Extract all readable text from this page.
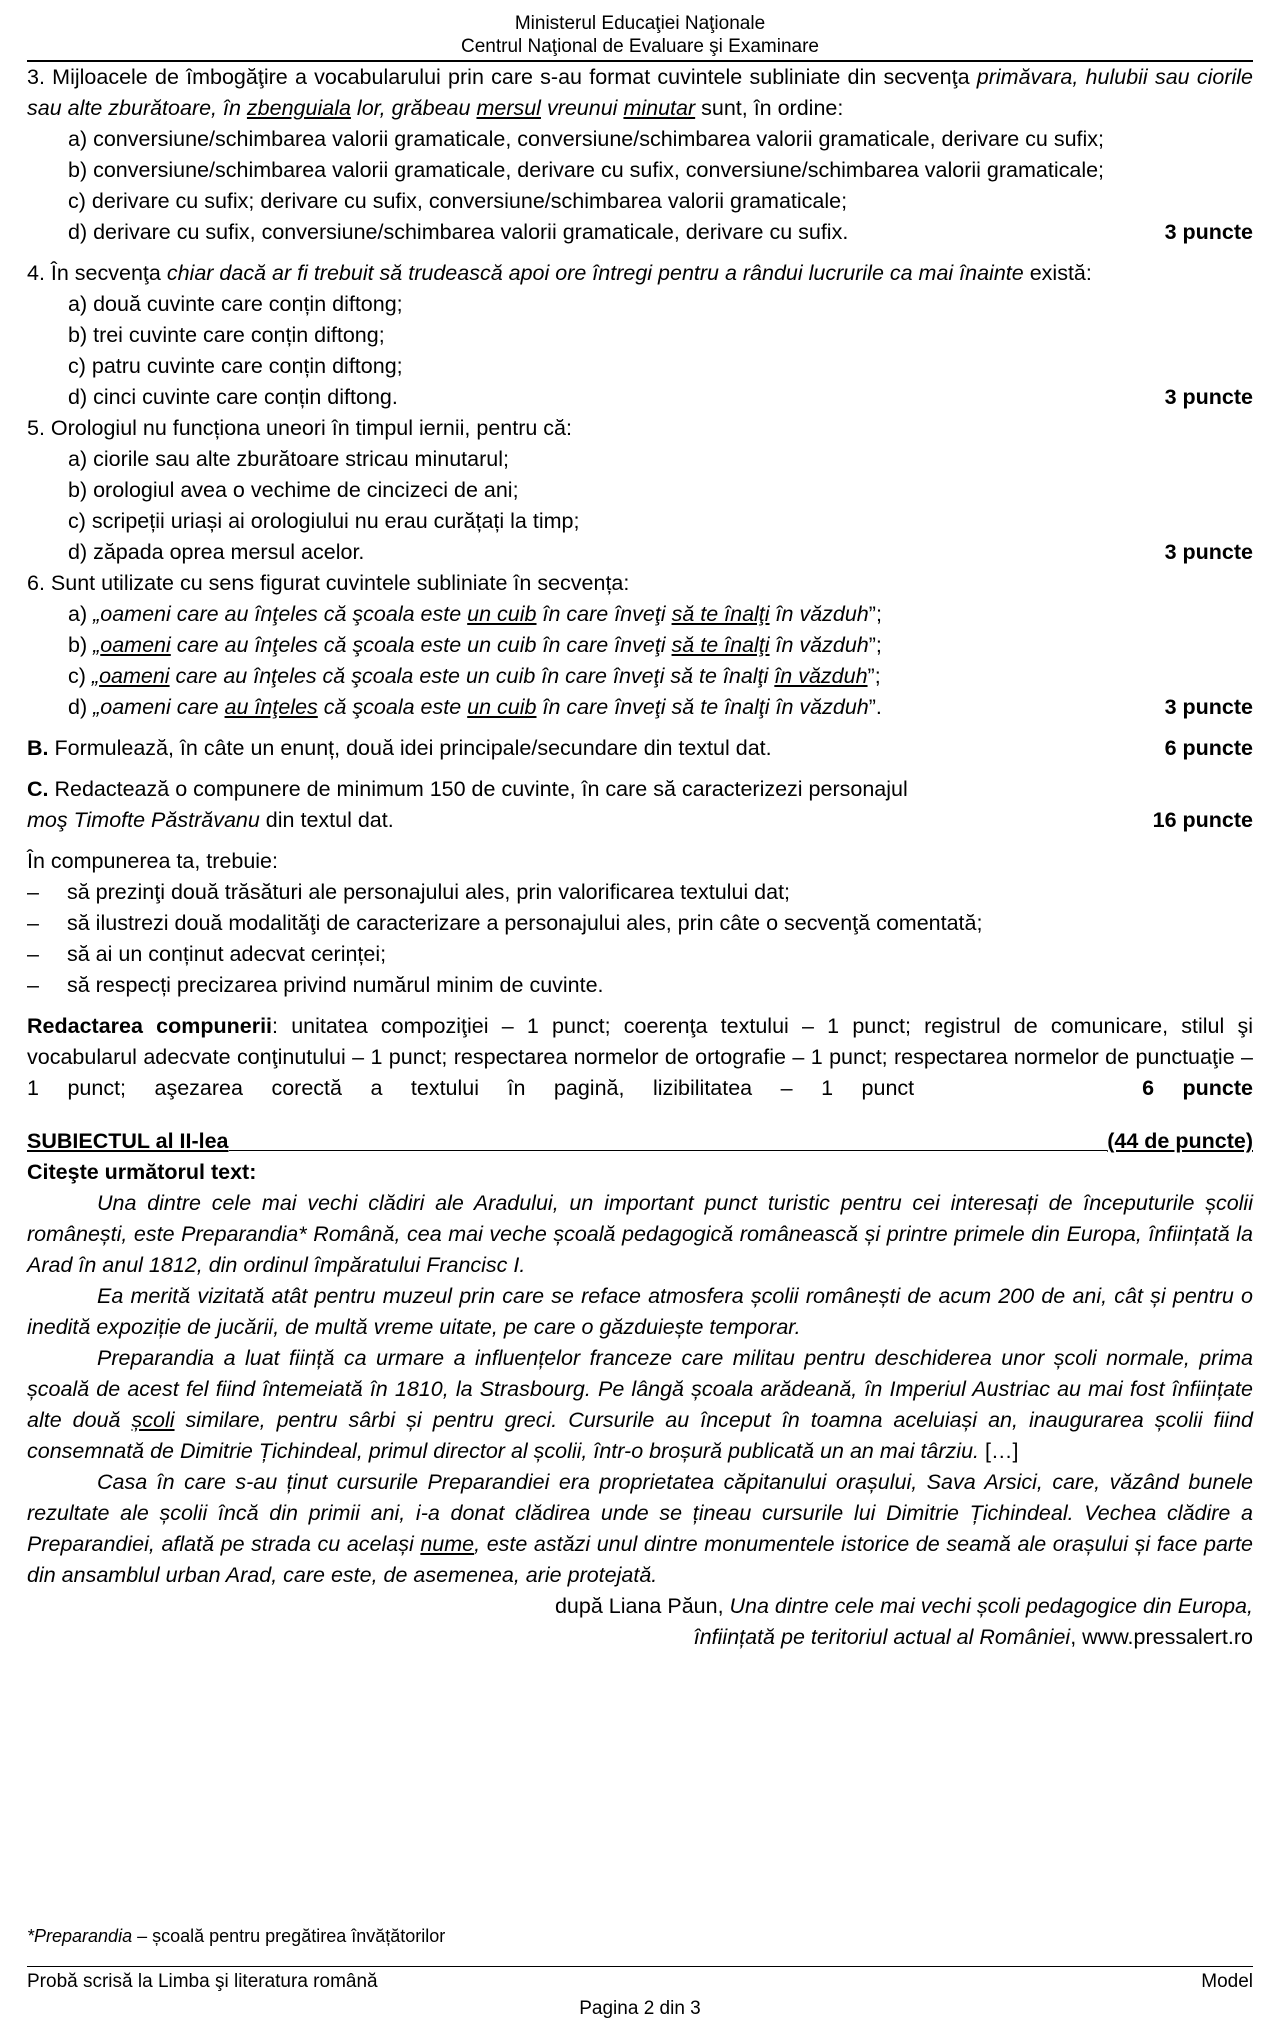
Ministerul Educaţiei Naţionale
Centrul Naţional de Evaluare şi Examinare

3. Mijloacele de îmbogăţire a vocabularului prin care s-au format cuvintele subliniate din secvenţa primăvara, hulubii sau ciorile sau alte zburătoare, în zbenguiala lor, grăbeau mersul vreunui minutar sunt, în ordine:

a) conversiune/schimbarea valorii gramaticale, conversiune/schimbarea valorii gramaticale, derivare cu sufix;

b) conversiune/schimbarea valorii gramaticale, derivare cu sufix, conversiune/schimbarea valorii gramaticale;

c) derivare cu sufix; derivare cu sufix, conversiune/schimbarea valorii gramaticale;

d) derivare cu sufix, conversiune/schimbarea valorii gramaticale, derivare cu sufix.	3 puncte

4. În secvenţa chiar dacă ar fi trebuit să trudească apoi ore întregi pentru a rândui lucrurile ca mai înainte există:

a) două cuvinte care conțin diftong;

b) trei cuvinte care conțin diftong;

c) patru cuvinte care conțin diftong;

d) cinci cuvinte care conțin diftong.	3 puncte

5. Orologiul nu funcționa uneori în timpul iernii, pentru că:

a) ciorile sau alte zburătoare stricau minutarul;

b) orologiul avea o vechime de cincizeci de ani;

c) scripeții uriași ai orologiului nu erau curățați la timp;

d) zăpada oprea mersul acelor.	3 puncte

6. Sunt utilizate cu sens figurat cuvintele subliniate în secvența:

a) „oameni care au înţeles că şcoala este un cuib în care înveţi să te înalţi în văzduh”;

b) „oameni care au înţeles că şcoala este un cuib în care înveţi să te înalţi în văzduh”;

c) „oameni care au înţeles că şcoala este un cuib în care înveţi să te înalţi în văzduh”;

d) „oameni care au înţeles că şcoala este un cuib în care înveţi să te înalţi în văzduh”.	3 puncte
B. Formulează, în câte un enunț, două idei principale/secundare din textul dat.	6 puncte

C. Redactează o compunere de minimum 150 de cuvinte, în care să caracterizezi personajul

moş Timofte Păstrăvanu din textul dat.	16 puncte

În compunerea ta, trebuie:

–	să prezinţi două trăsături ale personajului ales, prin valorificarea textului dat;
–	să ilustrezi două modalităţi de caracterizare a personajului ales, prin câte o secvenţă comentată;
–	să ai un conținut adecvat cerinței;
–	să respecți precizarea privind numărul minim de cuvinte.

Redactarea compunerii: unitatea compoziţiei – 1 punct; coerenţa textului – 1 punct; registrul de comunicare, stilul şi vocabularul adecvate conţinutului – 1 punct; respectarea normelor de ortografie – 1 punct; respectarea normelor de punctuaţie – 1 punct; aşezarea corectă a textului în pagină, lizibilitatea – 1 punct	6 puncte

SUBIECTUL al II-lea	(44 de puncte)

Citeşte următorul text:

Una dintre cele mai vechi clădiri ale Aradului, un important punct turistic pentru cei interesați de începuturile școlii românești, este Preparandia* Română, cea mai veche școală pedagogică românească și printre primele din Europa, înființată la Arad în anul 1812, din ordinul împăratului Francisc I.

Ea merită vizitată atât pentru muzeul prin care se reface atmosfera școlii românești de acum 200 de ani, cât și pentru o inedită expoziție de jucării, de multă vreme uitate, pe care o găzduiește temporar.

Preparandia a luat ființă ca urmare a influențelor franceze care militau pentru deschiderea unor școli normale, prima școală de acest fel fiind întemeiată în 1810, la Strasbourg. Pe lângă școala arădeană, în Imperiul Austriac au mai fost înființate alte două școli similare, pentru sârbi și pentru greci. Cursurile au început în toamna aceluiași an, inaugurarea școlii fiind consemnată de Dimitrie Țichindeal, primul director al școlii, într-o broșură publicată un an mai târziu. […]

Casa în care s-au ținut cursurile Preparandiei era proprietatea căpitanului orașului, Sava Arsici, care, văzând bunele rezultate ale școlii încă din primii ani, i-a donat clădirea unde se țineau cursurile lui Dimitrie Țichindeal. Vechea clădire a Preparandiei, aflată pe strada cu același nume, este astăzi unul dintre monumentele istorice de seamă ale orașului și face parte din ansamblul urban Arad, care este, de asemenea, arie protejată.

după Liana Păun, Una dintre cele mai vechi școli pedagogice din Europa,
înființată pe teritoriul actual al României, www.pressalert.ro
*Preparandia – școală pentru pregătirea învățătorilor
Probă scrisă la Limba şi literatura română	Model
Pagina 2 din 3
